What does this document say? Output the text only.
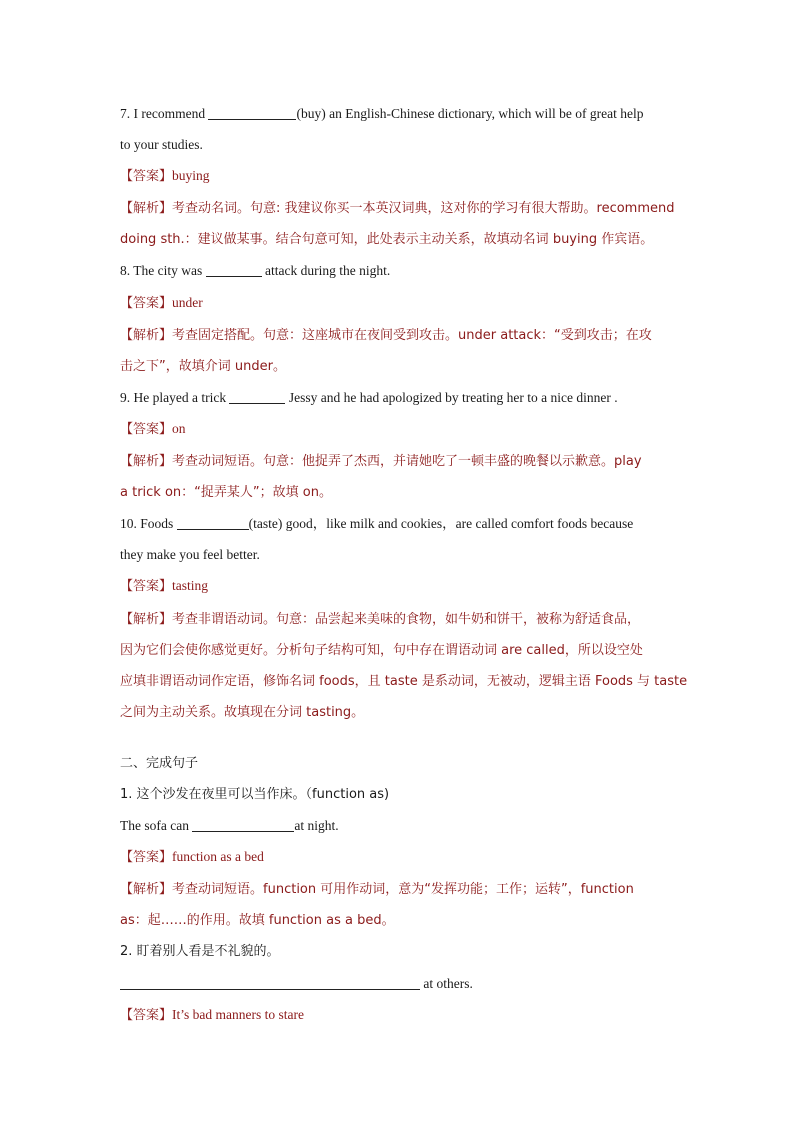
7. I recommend	(buy) an English-Chinese dictionary, which will be of great help
to your studies.
【答案】buying
【解析】考查动名词。句意: 我建议你买一本英汉词典，这对你的学习有很大帮助。recommend
doing sth.：建议做某事。结合句意可知，此处表示主动关系，故填动名词 buying 作宾语。
8. The city was	attack during the night.
【答案】under
【解析】考查固定搭配。句意：这座城市在夜间受到攻击。under attack：“受到攻击；在攻
击之下”，故填介词 under。
9. He played a trick	Jessy and he had apologized by treating her to a nice dinner .
【答案】on
【解析】考查动词短语。句意：他捉弄了杰西，并请她吃了一顿丰盛的晚餐以示歉意。play
a trick on：“捉弄某人”；故填 on。
10. Foods	(taste) good，like milk and cookies，are called comfort foods because
they make you feel better.
【答案】tasting
【解析】考查非谓语动词。句意：品尝起来美味的食物，如牛奶和饼干，被称为舒适食品，
因为它们会使你感觉更好。分析句子结构可知，句中存在谓语动词 are called，所以设空处
应填非谓语动词作定语，修饰名词 foods，且 taste 是系动词，无被动，逻辑主语 Foods 与 taste
之间为主动关系。故填现在分词 tasting。
二、完成句子
1. 这个沙发在夜里可以当作床。（function as)
The sofa can	at night.
【答案】function as a bed
【解析】考查动词短语。function 可用作动词，意为“发挥功能；工作；运转”，function
as：起……的作用。故填 function as a bed。
2. 盯着别人看是不礼貌的。
at others.
【答案】It’s bad manners to stare
